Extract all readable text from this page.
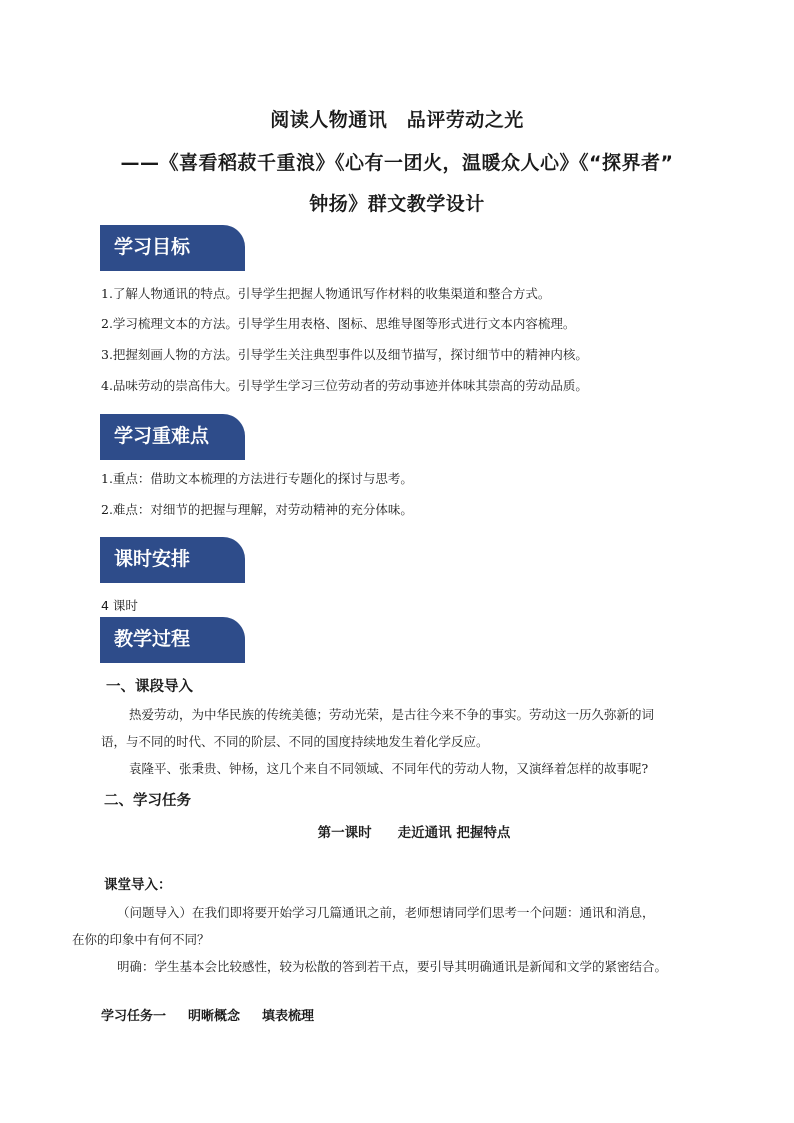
阅读人物通讯　品评劳动之光
——《喜看稻菽千重浪》《心有一团火，温暖众人心》《“探界者”
钟扬》群文教学设计
学习目标
1.了解人物通讯的特点。引导学生把握人物通讯写作材料的收集渠道和整合方式。
2.学习梳理文本的方法。引导学生用表格、图标、思维导图等形式进行文本内容梳理。
3.把握刻画人物的方法。引导学生关注典型事件以及细节描写，探讨细节中的精神内核。
4.品味劳动的崇高伟大。引导学生学习三位劳动者的劳动事迹并体味其崇高的劳动品质。
学习重难点
1.重点：借助文本梳理的方法进行专题化的探讨与思考。
2.难点：对细节的把握与理解，对劳动精神的充分体味。
课时安排
4 课时
教学过程
一、课段导入
热爱劳动，为中华民族的传统美德；劳动光荣，是古往今来不争的事实。劳动这一历久弥新的词
语，与不同的时代、不同的阶层、不同的国度持续地发生着化学反应。
袁隆平、张秉贵、钟杨，这几个来自不同领域、不同年代的劳动人物，又演绎着怎样的故事呢?
二、学习任务
第一课时 走近通讯 把握特点
课堂导入：
（问题导入）在我们即将要开始学习几篇通讯之前，老师想请同学们思考一个问题：通讯和消息，
在你的印象中有何不同？
明确：学生基本会比较感性，较为松散的答到若干点，要引导其明确通讯是新闻和文学的紧密结合。
学习任务一 明晰概念 填表梳理
